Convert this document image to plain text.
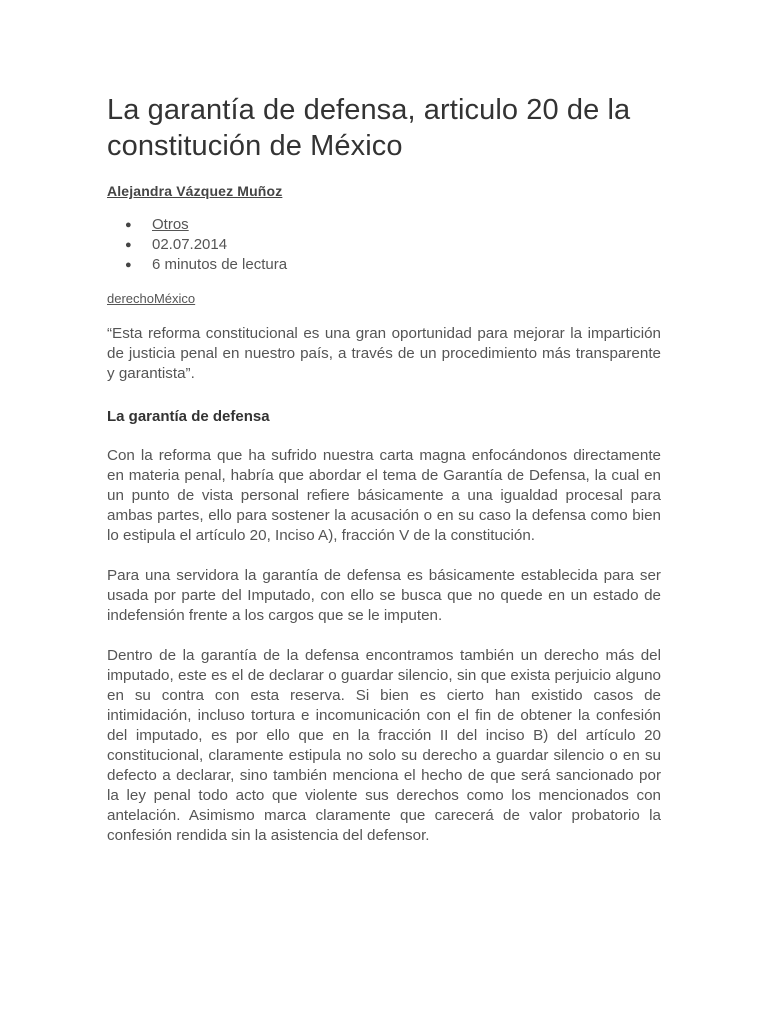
La garantía de defensa, articulo 20 de la constitución de México
Alejandra Vázquez Muñoz
● Otros
● 02.07.2014
● 6 minutos de lectura
derechoMéxico

“Esta reforma constitucional es una gran oportunidad para mejorar la impartición de justicia penal en nuestro país, a través de un procedimiento más transparente y garantista”.

La garantía de defensa

Con la reforma que ha sufrido nuestra carta magna enfocándonos directamente en materia penal, habría que abordar el tema de Garantía de Defensa, la cual en un punto de vista personal refiere básicamente a una igualdad procesal para ambas partes, ello para sostener la acusación o en su caso la defensa como bien lo estipula el artículo 20, Inciso A), fracción V de la constitución.

Para una servidora la garantía de defensa es básicamente establecida para ser usada por parte del Imputado, con ello se busca que no quede en un estado de indefensión frente a los cargos que se le imputen.

Dentro de la garantía de la defensa encontramos también un derecho más del imputado, este es el de declarar o guardar silencio, sin que exista perjuicio alguno en su contra con esta reserva. Si bien es cierto han existido casos de intimidación, incluso tortura e incomunicación con el fin de obtener la confesión del imputado, es por ello que en la fracción II del inciso B) del artículo 20 constitucional, claramente estipula no solo su derecho a guardar silencio o en su defecto a declarar, sino también menciona el hecho de que será sancionado por la ley penal todo acto que violente sus derechos como los mencionados con antelación. Asimismo marca claramente que carecerá de valor probatorio la confesión rendida sin la asistencia del defensor.
